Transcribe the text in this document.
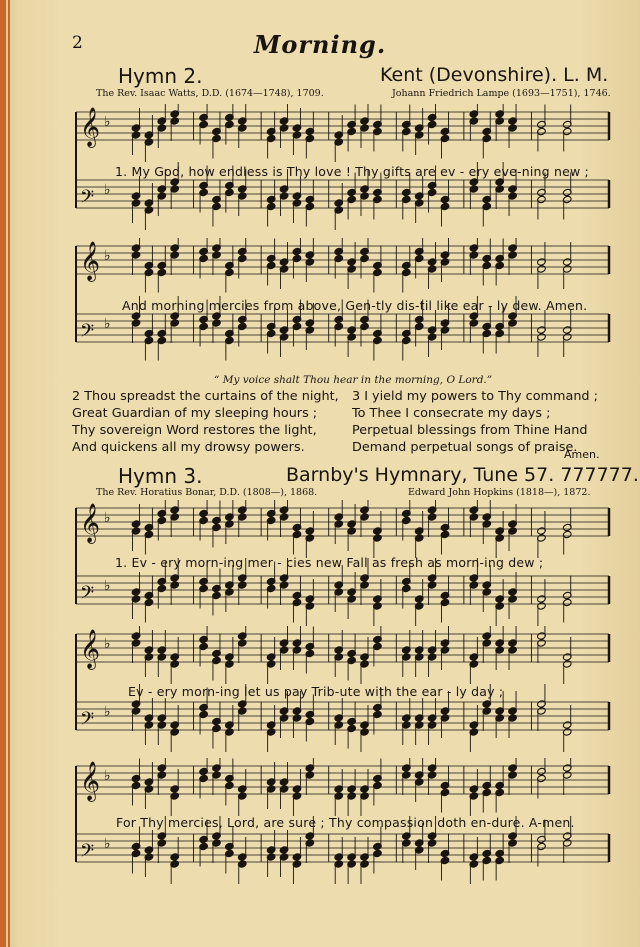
2	Morning.
Hymn 2.	Kent (Devonshire). L. M.
The Rev. Isaac Watts, D.D. (1674—1748), 1709.	Johann Friedrich Lampe (1693—1751), 1746.
𝄞 ♭
𝄢 ♭
1. My God, how endless is Thy love ! Thy gifts are ev - ery eve-ning new ;
𝄞 ♭
𝄢 ♭
And morning mercies from above, Gen-tly dis-til like ear - ly dew. Amen.
“ My voice shalt Thou hear in the morning, O Lord.”
2 Thou spreadst the curtains of the night,
Great Guardian of my sleeping hours ;
Thy sovereign Word restores the light,
And quickens all my drowsy powers.
3 I yield my powers to Thy command ;
To Thee I consecrate my days ;
Perpetual blessings from Thine Hand
Demand perpetual songs of praise.
Amen.
Hymn 3.	Barnby's Hymnary, Tune 57. 777777.
The Rev. Horatius Bonar, D.D. (1808—), 1868.	Edward John Hopkins (1818—), 1872.
𝄞 ♭
𝄢 ♭
1. Ev - ery morn-ing mer - cies new Fall as fresh as morn-ing dew ;
𝄞 ♭
𝄢 ♭
Ev - ery morn-ing let us pay Trib-ute with the ear - ly day ;
𝄞 ♭
𝄢 ♭
For Thy mercies, Lord, are sure ; Thy compassion doth en-dure. A-men.
